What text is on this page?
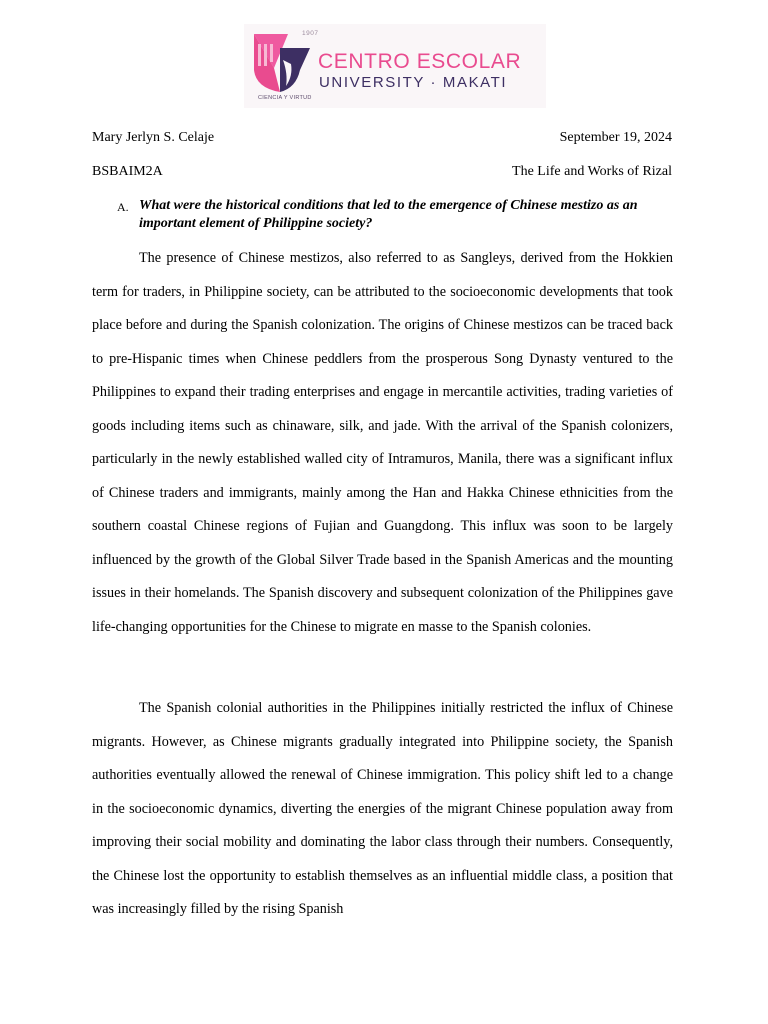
1907
CENTRO ESCOLAR
UNIVERSITY · MAKATI
CIENCIA Y VIRTUD
Mary Jerlyn S. Celaje	September 19, 2024
BSBAIM2A	The Life and Works of Rizal
A. What were the historical conditions that led to the emergence of Chinese mestizo as an important element of Philippine society?

The presence of Chinese mestizos, also referred to as Sangleys, derived from the Hokkien term for traders, in Philippine society, can be attributed to the socioeconomic developments that took place before and during the Spanish colonization. The origins of Chinese mestizos can be traced back to pre-Hispanic times when Chinese peddlers from the prosperous Song Dynasty ventured to the Philippines to expand their trading enterprises and engage in mercantile activities, trading varieties of goods including items such as chinaware, silk, and jade. With the arrival of the Spanish colonizers, particularly in the newly established walled city of Intramuros, Manila, there was a significant influx of Chinese traders and immigrants, mainly among the Han and Hakka Chinese ethnicities from the southern coastal Chinese regions of Fujian and Guangdong. This influx was soon to be largely influenced by the growth of the Global Silver Trade based in the Spanish Americas and the mounting issues in their homelands. The Spanish discovery and subsequent colonization of the Philippines gave life-changing opportunities for the Chinese to migrate en masse to the Spanish colonies.

The Spanish colonial authorities in the Philippines initially restricted the influx of Chinese migrants. However, as Chinese migrants gradually integrated into Philippine society, the Spanish authorities eventually allowed the renewal of Chinese immigration. This policy shift led to a change in the socioeconomic dynamics, diverting the energies of the migrant Chinese population away from improving their social mobility and dominating the labor class through their numbers. Consequently, the Chinese lost the opportunity to establish themselves as an influential middle class, a position that was increasingly filled by the rising Spanish
